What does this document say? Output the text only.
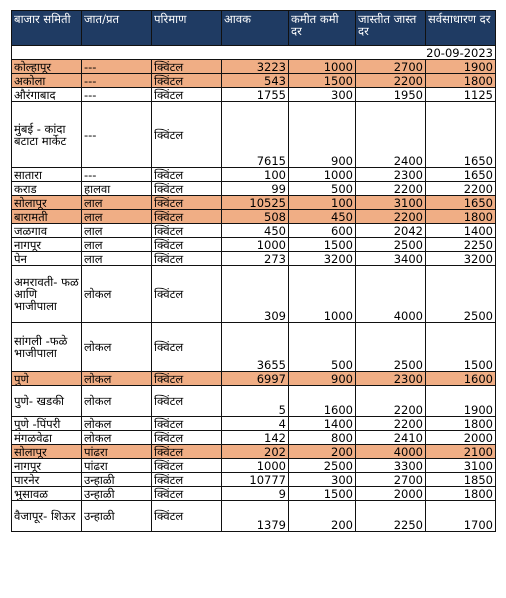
बाजार समिती	जात/प्रत	परिमाण	आवक	कमीत कमी दर	जास्तीत जास्त दर	सर्वसाधारण दर
20-09-2023						
कोल्हापूर	---	क्विंटल	3223	1000	2700	1900
अकोला	---	क्विंटल	543	1500	2200	1800
औरंगाबाद	---	क्विंटल	1755	300	1950	1125
मुंबई - कांदा बटाटा मार्केट	---	क्विंटल	7615	900	2400	1650
सातारा	---	क्विंटल	100	1000	2300	1650
कराड	हालवा	क्विंटल	99	500	2200	2200
सोलापूर	लाल	क्विंटल	10525	100	3100	1650
बारामती	लाल	क्विंटल	508	450	2200	1800
जळगाव	लाल	क्विंटल	450	600	2042	1400
नागपूर	लाल	क्विंटल	1000	1500	2500	2250
पेन	लाल	क्विंटल	273	3200	3400	3200
अमरावती- फळ आणि भाजीपाला	लोकल	क्विंटल	309	1000	4000	2500
सांगली -फळे भाजीपाला	लोकल	क्विंटल	3655	500	2500	1500
पुणे	लोकल	क्विंटल	6997	900	2300	1600
पुणे- खडकी	लोकल	क्विंटल	5	1600	2200	1900
पुणे -पिंपरी	लोकल	क्विंटल	4	1400	2200	1800
मंगळवेढा	लोकल	क्विंटल	142	800	2410	2000
सोलापूर	पांढरा	क्विंटल	202	200	4000	2100
नागपूर	पांढरा	क्विंटल	1000	2500	3300	3100
पारनेर	उन्हाळी	क्विंटल	10777	300	2700	1850
भुसावळ	उन्हाळी	क्विंटल	9	1500	2000	1800
वैजापूर- शिऊर	उन्हाळी	क्विंटल	1379	200	2250	1700
